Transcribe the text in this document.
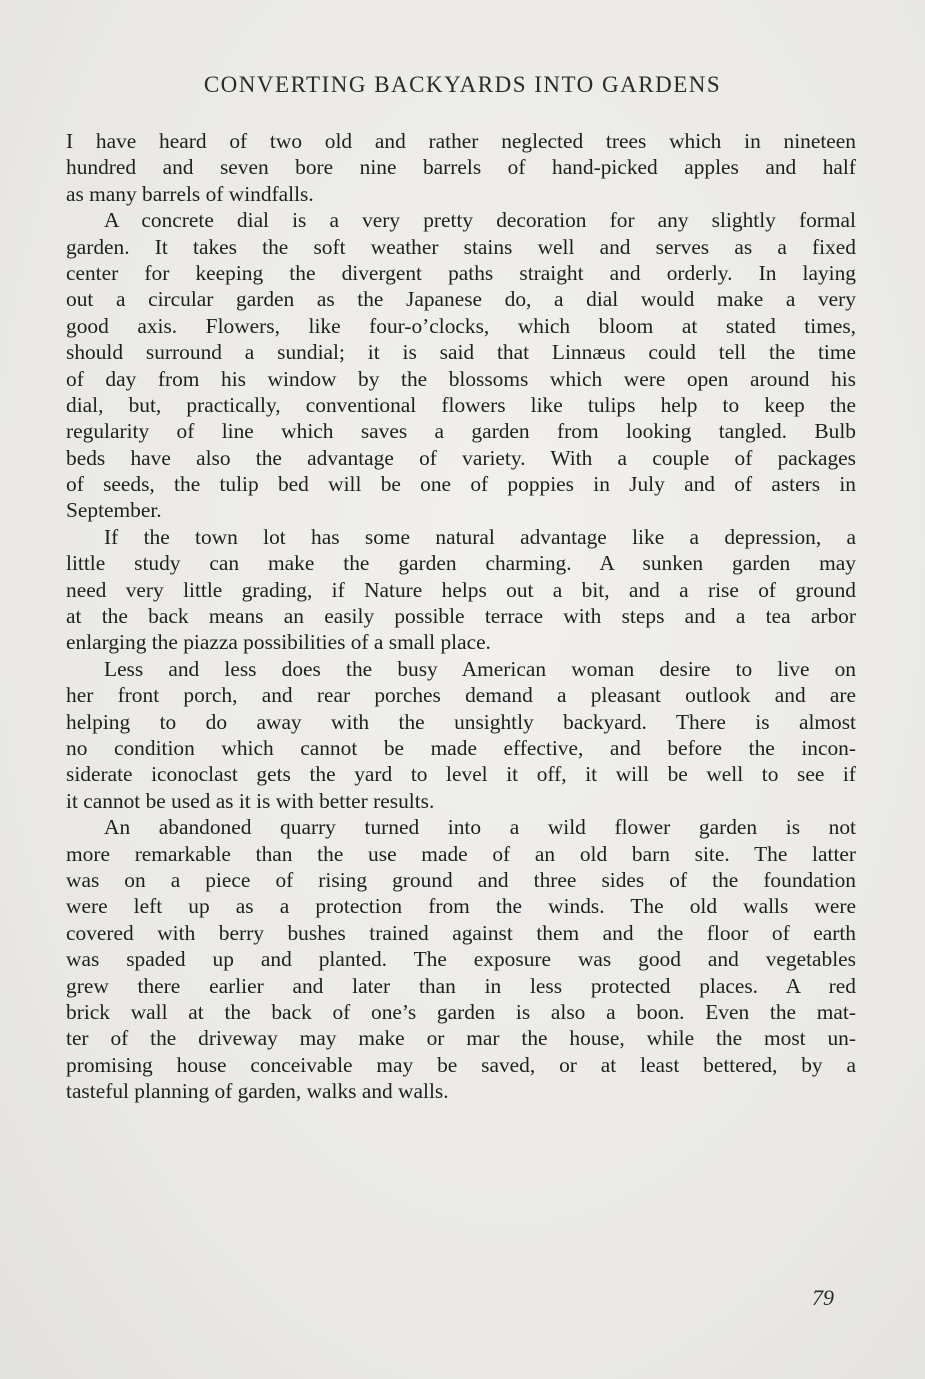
CONVERTING BACKYARDS INTO GARDENS
I have heard of two old and rather neglected trees which in nineteen
hundred and seven bore nine barrels of hand-picked apples and half
as many barrels of windfalls.
A concrete dial is a very pretty decoration for any slightly formal
garden. It takes the soft weather stains well and serves as a fixed
center for keeping the divergent paths straight and orderly. In laying
out a circular garden as the Japanese do, a dial would make a very
good axis. Flowers, like four-o’clocks, which bloom at stated times,
should surround a sundial; it is said that Linnæus could tell the time
of day from his window by the blossoms which were open around his
dial, but, practically, conventional flowers like tulips help to keep the
regularity of line which saves a garden from looking tangled. Bulb
beds have also the advantage of variety. With a couple of packages
of seeds, the tulip bed will be one of poppies in July and of asters in
September.
If the town lot has some natural advantage like a depression, a
little study can make the garden charming. A sunken garden may
need very little grading, if Nature helps out a bit, and a rise of ground
at the back means an easily possible terrace with steps and a tea arbor
enlarging the piazza possibilities of a small place.
Less and less does the busy American woman desire to live on
her front porch, and rear porches demand a pleasant outlook and are
helping to do away with the unsightly backyard. There is almost
no condition which cannot be made effective, and before the incon-
siderate iconoclast gets the yard to level it off, it will be well to see if
it cannot be used as it is with better results.
An abandoned quarry turned into a wild flower garden is not
more remarkable than the use made of an old barn site. The latter
was on a piece of rising ground and three sides of the foundation
were left up as a protection from the winds. The old walls were
covered with berry bushes trained against them and the floor of earth
was spaded up and planted. The exposure was good and vegetables
grew there earlier and later than in less protected places. A red
brick wall at the back of one’s garden is also a boon. Even the mat-
ter of the driveway may make or mar the house, while the most un-
promising house conceivable may be saved, or at least bettered, by a
tasteful planning of garden, walks and walls.
79
